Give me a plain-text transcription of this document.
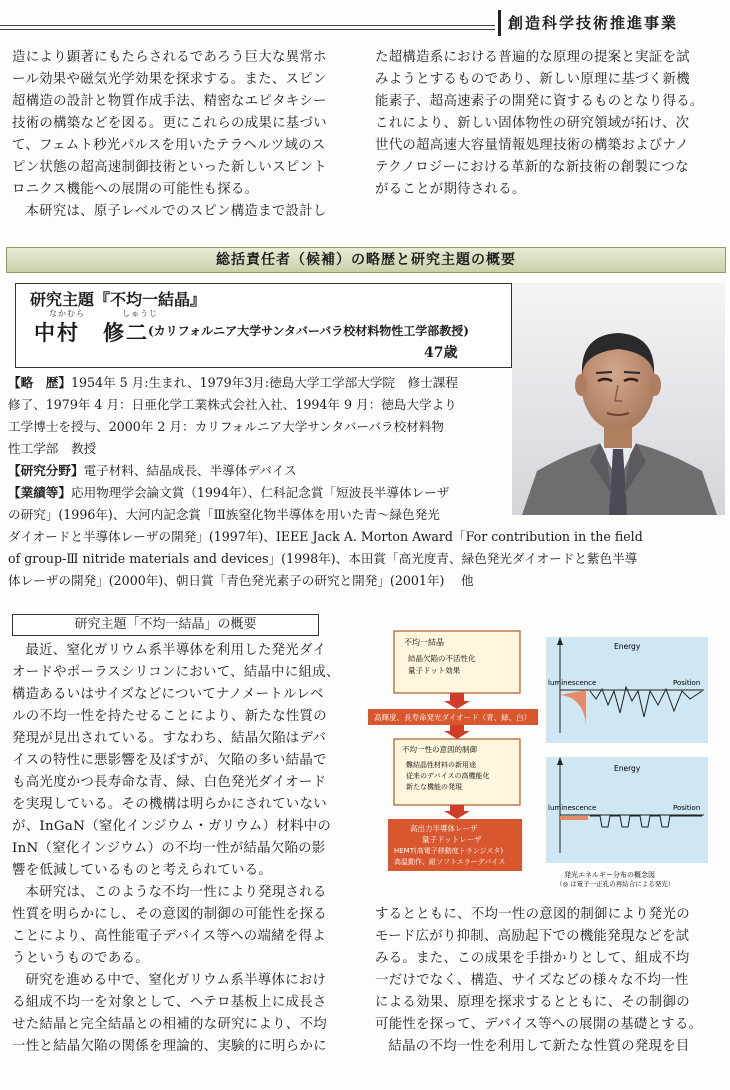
創造科学技術推進事業
造により顕著にもたらされるであろう巨大な異常ホ
ール効果や磁気光学効果を探求する。また、スピン
超構造の設計と物質作成手法、精密なエピタキシー
技術の構築などを図る。更にこれらの成果に基づい
て、フェムト秒光パルスを用いたテラヘルツ域のス
ピン状態の超高速制御技術といった新しいスピント
ロニクス機能への展開の可能性も探る。
本研究は、原子レベルでのスピン構造まで設計し
た超構造系における普遍的な原理の提案と実証を試
みようとするものであり、新しい原理に基づく新機
能素子、超高速素子の開発に資するものとなり得る。
これにより、新しい固体物性の研究領域が拓け、次
世代の超高速大容量情報処理技術の構築およびナノ
テクノロジーにおける革新的な新技術の創製につな
がることが期待される。
総括責任者（候補）の略歴と研究主題の概要
研究主題『不均一結晶』
なかむら	しゅうじ
中村　修二 (カリフォルニア大学サンタバーバラ校材料物性工学部教授)
47歳
【略　歴】1954年 5 月:生まれ、1979年3月:徳島大学工学部大学院　修士課程
修了、1979年 4 月：日亜化学工業株式会社入社、1994年 9 月：徳島大学より
工学博士を授与、2000年 2 月：カリフォルニア大学サンタバーバラ校材料物
性工学部　教授
【研究分野】電子材料、結晶成長、半導体デバイス
【業績等】応用物理学会論文賞（1994年）、仁科記念賞「短波長半導体レーザ
の研究」(1996年)、大河内記念賞「Ⅲ族窒化物半導体を用いた青～緑色発光
ダイオードと半導体レーザの開発」(1997年)、IEEE Jack A. Morton Award「For contribution in the field
of group-Ⅲ nitride materials and devices」(1998年)、本田賞「高光度青、緑色発光ダイオードと紫色半導
体レーザの開発」(2000年)、朝日賞「青色発光素子の研究と開発」(2001年)　 他
研究主題「不均一結晶」の概要
最近、窒化ガリウム系半導体を利用した発光ダイ
オードやポーラスシリコンにおいて、結晶中に組成、
構造あるいはサイズなどについてナノメートルレベ
ルの不均一性を持たせることにより、新たな性質の
発現が見出されている。すなわち、結晶欠陥はデバ
イスの特性に悪影響を及ぼすが、欠陥の多い結晶で
も高光度かつ長寿命な青、緑、白色発光ダイオード
を実現している。その機構は明らかにされていない
が、InGaN（窒化インジウム・ガリウム）材料中の
InN（窒化インジウム）の不均一性が結晶欠陥の影
響を低減しているものと考えられている。
本研究は、このような不均一性により発現される
性質を明らかにし、その意図的制御の可能性を探る
ことにより、高性能電子デバイス等への端緒を得よ
うというものである。
研究を進める中で、窒化ガリウム系半導体におけ
る組成不均一を対象として、ヘテロ基板上に成長さ
せた結晶と完全結晶との相補的な研究により、不均
一性と結晶欠陥の関係を理論的、実験的に明らかに
するとともに、不均一性の意図的制御により発光の
モード広がり抑制、高励起下での機能発現などを試
みる。また、この成果を手掛かりとして、組成不均
一だけでなく、構造、サイズなどの様々な不均一性
による効果、原理を探求するとともに、その制御の
可能性を探って、デバイス等への展開の基礎とする。
結晶の不均一性を利用して新たな性質の発現を目
不均一結晶
結晶欠陥の不活性化
量子ドット効果
高輝度、長寿命発光ダイオード（青、緑、白）
不均一性の意図的制御
難結晶性材料の新用途
従来のデバイスの高機能化
新たな機能の発現
高出力半導体レーザ
量子ドットレーザ
HEMT(高電子移動度トランジスタ)
高温動作、耐ソフトエラーデバイス
Energy
luminescence	Position
Energy
luminescence	Position
発光エネルギー分布の概念図
（◎ は電子一正孔の再結合による発光）
